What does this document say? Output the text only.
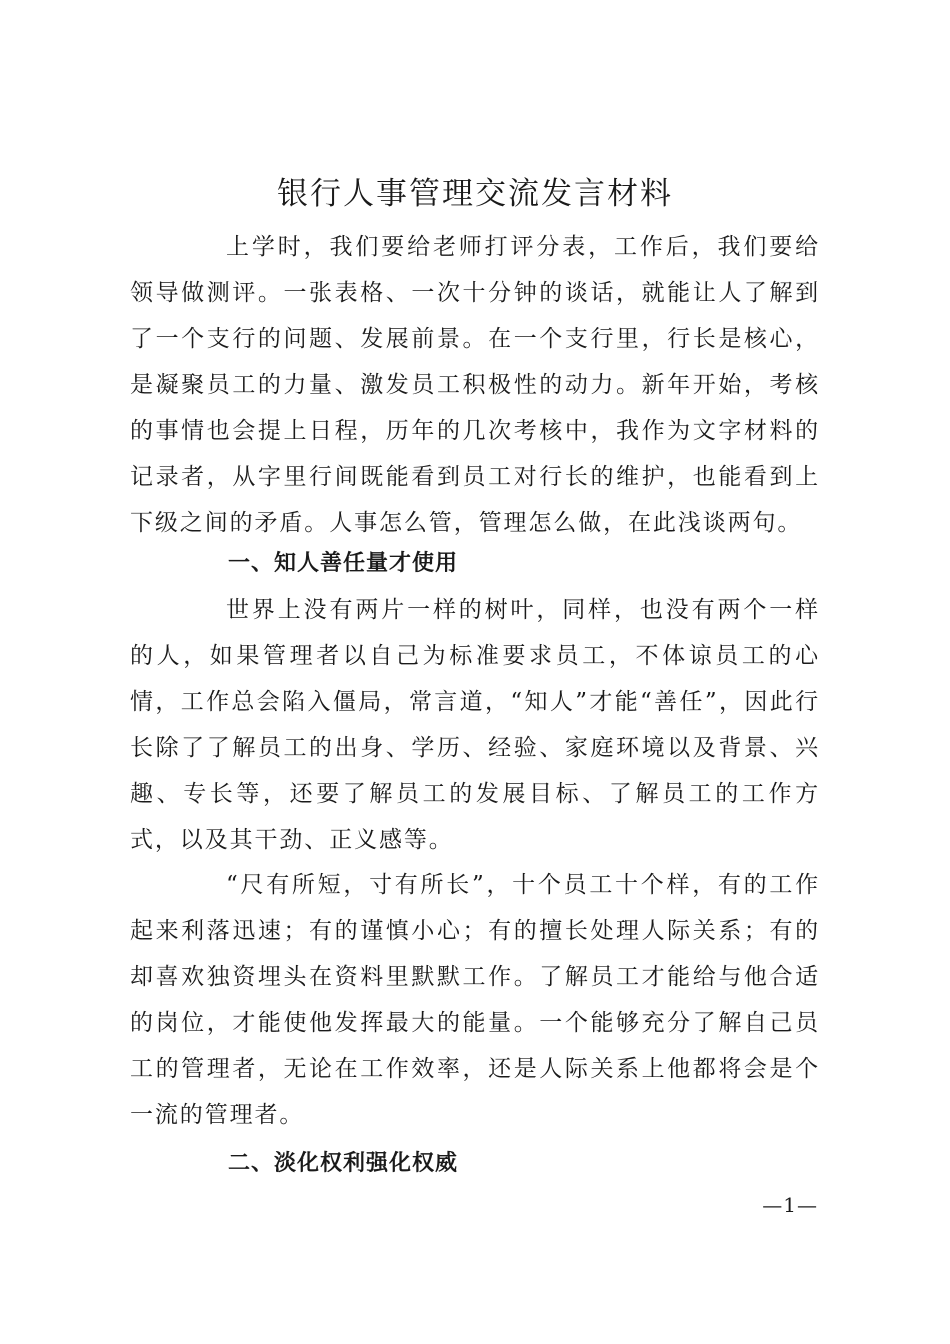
银行人事管理交流发言材料

上学时，我们要给老师打评分表，工作后，我们要给领导做测评。一张表格、一次十分钟的谈话，就能让人了解到了一个支行的问题、发展前景。在一个支行里，行长是核心，是凝聚员工的力量、激发员工积极性的动力。新年开始，考核的事情也会提上日程，历年的几次考核中，我作为文字材料的记录者，从字里行间既能看到员工对行长的维护，也能看到上下级之间的矛盾。人事怎么管，管理怎么做，在此浅谈两句。

一、知人善任量才使用

世界上没有两片一样的树叶，同样，也没有两个一样的人，如果管理者以自己为标准要求员工，不体谅员工的心情，工作总会陷入僵局，常言道，“知人”才能“善任”，因此行长除了了解员工的出身、学历、经验、家庭环境以及背景、兴趣、专长等，还要了解员工的发展目标、了解员工的工作方式，以及其干劲、正义感等。

“尺有所短，寸有所长”，十个员工十个样，有的工作起来利落迅速；有的谨慎小心；有的擅长处理人际关系；有的却喜欢独资埋头在资料里默默工作。了解员工才能给与他合适的岗位，才能使他发挥最大的能量。一个能够充分了解自己员工的管理者，无论在工作效率，还是人际关系上他都将会是个一流的管理者。

二、淡化权利强化权威
—1—
